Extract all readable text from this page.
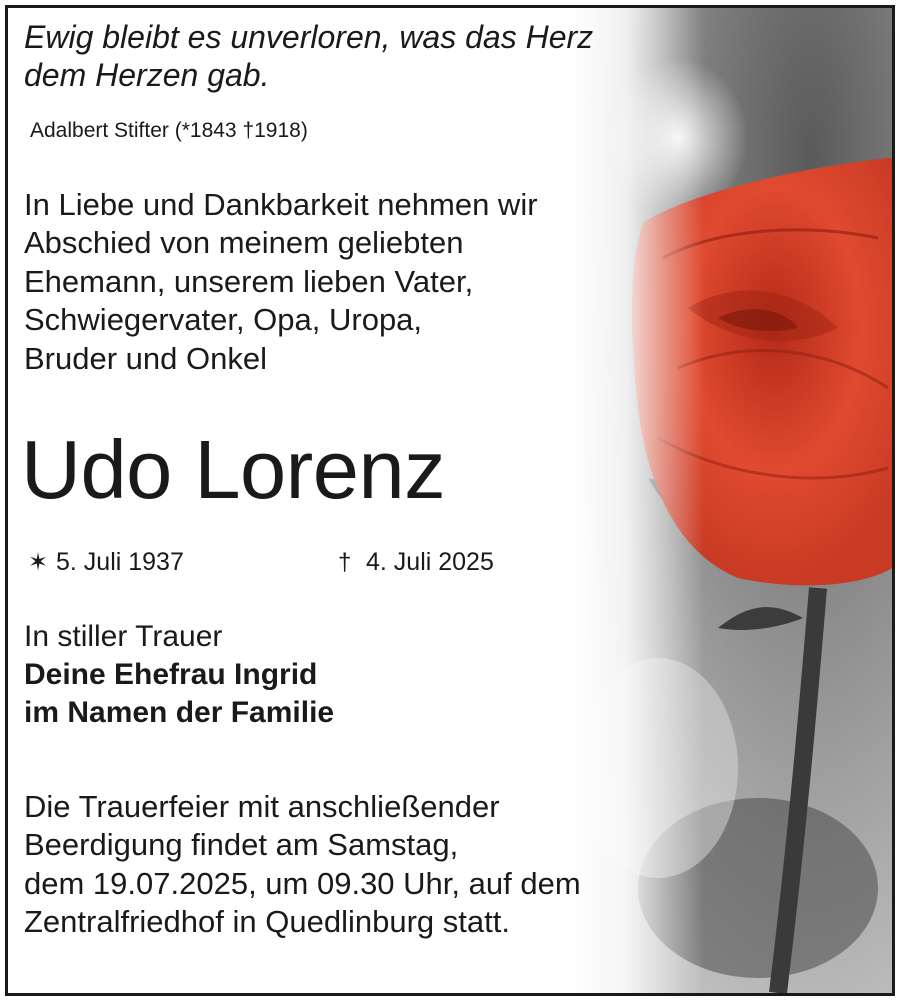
Ewig bleibt es unverloren, was das Herz
dem Herzen gab.
Adalbert Stifter (*1843 †1918)
In Liebe und Dankbarkeit nehmen wir
Abschied von meinem geliebten
Ehemann, unserem lieben Vater,
Schwiegervater, Opa, Uropa,
Bruder und Onkel
Udo Lorenz
✶ 5. Juli 1937	† 4. Juli 2025
In stiller Trauer
Deine Ehefrau Ingrid
im Namen der Familie
Die Trauerfeier mit anschließender
Beerdigung findet am Samstag,
dem 19.07.2025, um 09.30 Uhr, auf dem
Zentralfriedhof in Quedlinburg statt.
